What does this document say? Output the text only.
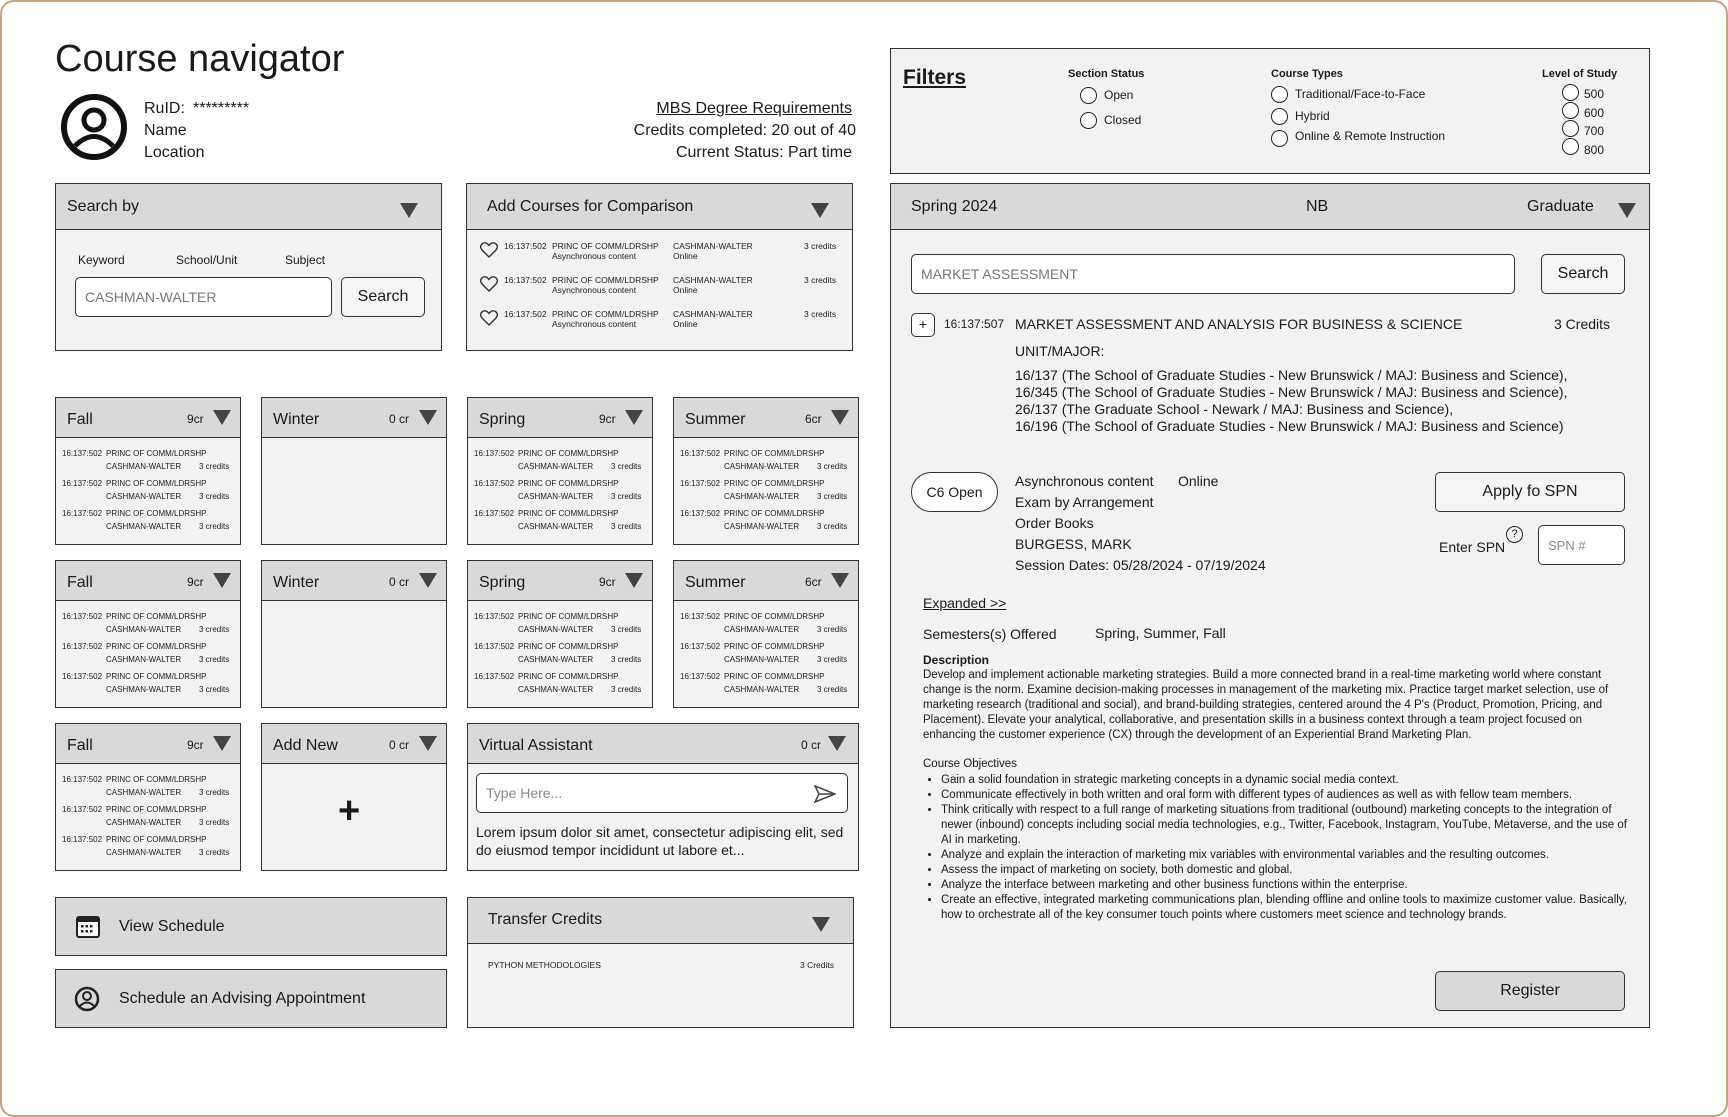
Course navigator
RuID: *********
Name
Location
MBS Degree Requirements
Credits completed: 20 out of 40
Current Status: Part time
Filters	Section Status
Open
Closed
Course Types
Traditional/Face-to-Face
Hybrid
Online & Remote Instruction
Level of Study
500
600
700
800
Search by
Keyword	School/Unit	Subject
CASHMAN-WALTER	Search
Add Courses for Comparison
16:137:502 PRINC OF COMM/LDRSHP
Asynchronous content
CASHMAN-WALTER
Online
3 credits
16:137:502 PRINC OF COMM/LDRSHP
Asynchronous content
CASHMAN-WALTER
Online
3 credits
16:137:502 PRINC OF COMM/LDRSHP
Asynchronous content
CASHMAN-WALTER
Online
3 credits
Fall	9cr
16:137:502 PRINC OF COMM/LDRSHP
CASHMAN-WALTER 3 credits
16:137:502 PRINC OF COMM/LDRSHP
CASHMAN-WALTER 3 credits
16:137:502 PRINC OF COMM/LDRSHP
CASHMAN-WALTER 3 credits
Winter	0 cr	Spring	9cr
16:137:502 PRINC OF COMM/LDRSHP
CASHMAN-WALTER 3 credits
16:137:502 PRINC OF COMM/LDRSHP
CASHMAN-WALTER 3 credits
16:137:502 PRINC OF COMM/LDRSHP
CASHMAN-WALTER 3 credits
Summer	6cr
16:137:502 PRINC OF COMM/LDRSHP
CASHMAN-WALTER 3 credits
16:137:502 PRINC OF COMM/LDRSHP
CASHMAN-WALTER 3 credits
16:137:502 PRINC OF COMM/LDRSHP
CASHMAN-WALTER 3 credits
Fall	9cr
16:137:502 PRINC OF COMM/LDRSHP
CASHMAN-WALTER 3 credits
16:137:502 PRINC OF COMM/LDRSHP
CASHMAN-WALTER 3 credits
16:137:502 PRINC OF COMM/LDRSHP
CASHMAN-WALTER 3 credits
Winter	0 cr	Spring	9cr
16:137:502 PRINC OF COMM/LDRSHP
CASHMAN-WALTER 3 credits
16:137:502 PRINC OF COMM/LDRSHP
CASHMAN-WALTER 3 credits
16:137:502 PRINC OF COMM/LDRSHP
CASHMAN-WALTER 3 credits
Summer	6cr
16:137:502 PRINC OF COMM/LDRSHP
CASHMAN-WALTER 3 credits
16:137:502 PRINC OF COMM/LDRSHP
CASHMAN-WALTER 3 credits
16:137:502 PRINC OF COMM/LDRSHP
CASHMAN-WALTER 3 credits
Fall	9cr
16:137:502 PRINC OF COMM/LDRSHP
CASHMAN-WALTER 3 credits
16:137:502 PRINC OF COMM/LDRSHP
CASHMAN-WALTER 3 credits
16:137:502 PRINC OF COMM/LDRSHP
CASHMAN-WALTER 3 credits
Add New	0 cr
+
Virtual Assistant	0 cr
Type Here...
Lorem ipsum dolor sit amet, consectetur adipiscing elit, sed do eiusmod tempor incididunt ut labore et...
View Schedule
Schedule an Advising Appointment
Transfer Credits
PYTHON METHODOLOGIES	3 Credits
Spring 2024	NB	Graduate
MARKET ASSESSMENT	Search
+	16:137:507 MARKET ASSESSMENT AND ANALYSIS FOR BUSINESS & SCIENCE	3 Credits
UNIT/MAJOR:
16/137 (The School of Graduate Studies - New Brunswick / MAJ: Business and Science),
16/345 (The School of Graduate Studies - New Brunswick / MAJ: Business and Science),
26/137 (The Graduate School - Newark / MAJ: Business and Science),
16/196 (The School of Graduate Studies - New Brunswick / MAJ: Business and Science)
C6 Open
Asynchronous content Online
Exam by Arrangement
Order Books
BURGESS, MARK
Session Dates: 05/28/2024 - 07/19/2024
Apply fo SPN
Enter SPN
?
SPN #
Expanded >>
Semesters(s) Offered	Spring, Summer, Fall
Description
Develop and implement actionable marketing strategies. Build a more connected brand in a real-time marketing world where constant change is the norm. Examine decision-making processes in management of the marketing mix. Practice target market selection, use of marketing research (traditional and social), and brand-building strategies, centered around the 4 P's (Product, Promotion, Pricing, and Placement). Elevate your analytical, collaborative, and presentation skills in a business context through a team project focused on enhancing the customer experience (CX) through the development of an Experiential Brand Marketing Plan.
Course Objectives
• Gain a solid foundation in strategic marketing concepts in a dynamic social media context.
• Communicate effectively in both written and oral form with different types of audiences as well as with fellow team members.
• Think critically with respect to a full range of marketing situations from traditional (outbound) marketing concepts to the integration of newer (inbound) concepts including social media technologies, e.g., Twitter, Facebook, Instagram, YouTube, Metaverse, and the use of AI in marketing.
• Analyze and explain the interaction of marketing mix variables with environmental variables and the resulting outcomes.
• Assess the impact of marketing on society, both domestic and global.
• Analyze the interface between marketing and other business functions within the enterprise.
• Create an effective, integrated marketing communications plan, blending offline and online tools to maximize customer value. Basically, how to orchestrate all of the key consumer touch points where customers meet science and technology brands.
Register
